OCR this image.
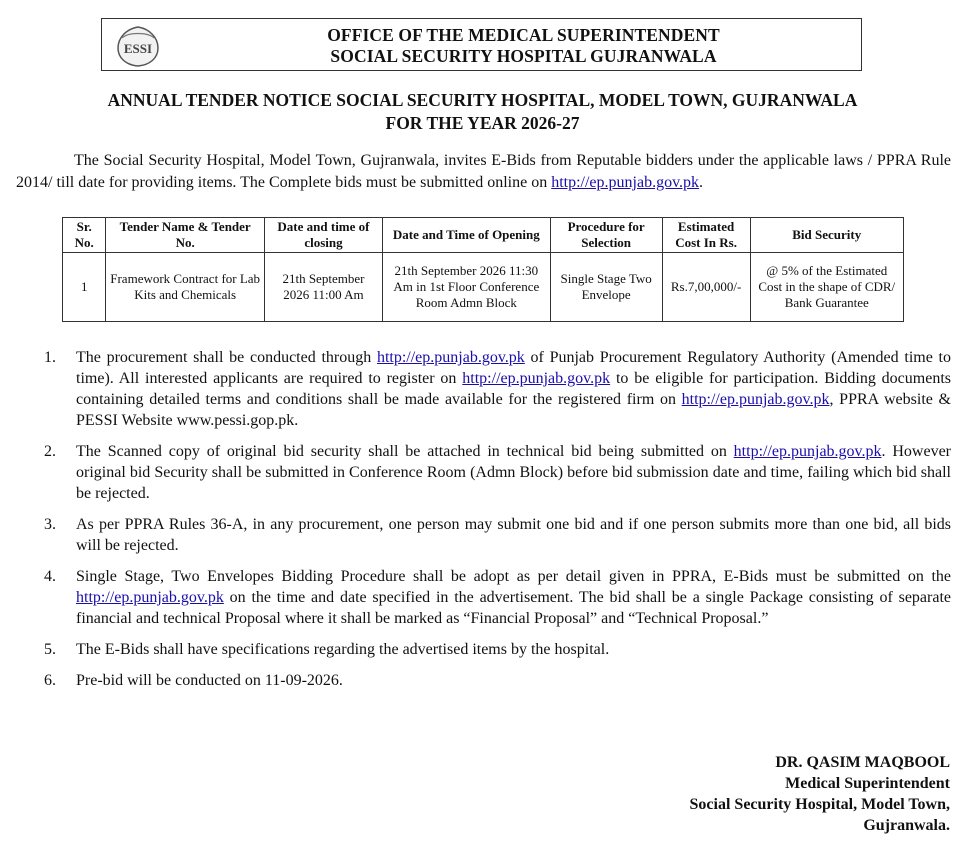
ESSI
OFFICE OF THE MEDICAL SUPERINTENDENT
SOCIAL SECURITY HOSPITAL GUJRANWALA
ANNUAL TENDER NOTICE SOCIAL SECURITY HOSPITAL, MODEL TOWN, GUJRANWALA
FOR THE YEAR 2026-27

The Social Security Hospital, Model Town, Gujranwala, invites E-Bids from Reputable bidders under the applicable laws / PPRA Rule 2014/ till date for providing items. The Complete bids must be submitted online on http://ep.punjab.gov.pk.

Sr. No.	Tender Name & Tender No.	Date and time of closing	Date and Time of Opening	Procedure for Selection	Estimated Cost In Rs.	Bid Security
1	Framework Contract for Lab Kits and Chemicals	21th September 2026 11:00 Am	21th September 2026 11:30 Am in 1st Floor Conference Room Admn Block	Single Stage Two Envelope	Rs.7,00,000/-	@ 5% of the Estimated Cost in the shape of CDR/ Bank Guarantee
1. The procurement shall be conducted through http://ep.punjab.gov.pk of Punjab Procurement Regulatory Authority (Amended time to time). All interested applicants are required to register on http://ep.punjab.gov.pk to be eligible for participation. Bidding documents containing detailed terms and conditions shall be made available for the registered firm on http://ep.punjab.gov.pk, PPRA website & PESSI Website www.pessi.gop.pk.
2. The Scanned copy of original bid security shall be attached in technical bid being submitted on http://ep.punjab.gov.pk. However original bid Security shall be submitted in Conference Room (Admn Block) before bid submission date and time, failing which bid shall be rejected.
3. As per PPRA Rules 36-A, in any procurement, one person may submit one bid and if one person submits more than one bid, all bids will be rejected.
4. Single Stage, Two Envelopes Bidding Procedure shall be adopt as per detail given in PPRA, E-Bids must be submitted on the http://ep.punjab.gov.pk on the time and date specified in the advertisement. The bid shall be a single Package consisting of separate financial and technical Proposal where it shall be marked as “Financial Proposal” and “Technical Proposal.”
5. The E-Bids shall have specifications regarding the advertised items by the hospital.
6. Pre-bid will be conducted on 11-09-2026.
DR. QASIM MAQBOOL
Medical Superintendent
Social Security Hospital, Model Town,
Gujranwala.
